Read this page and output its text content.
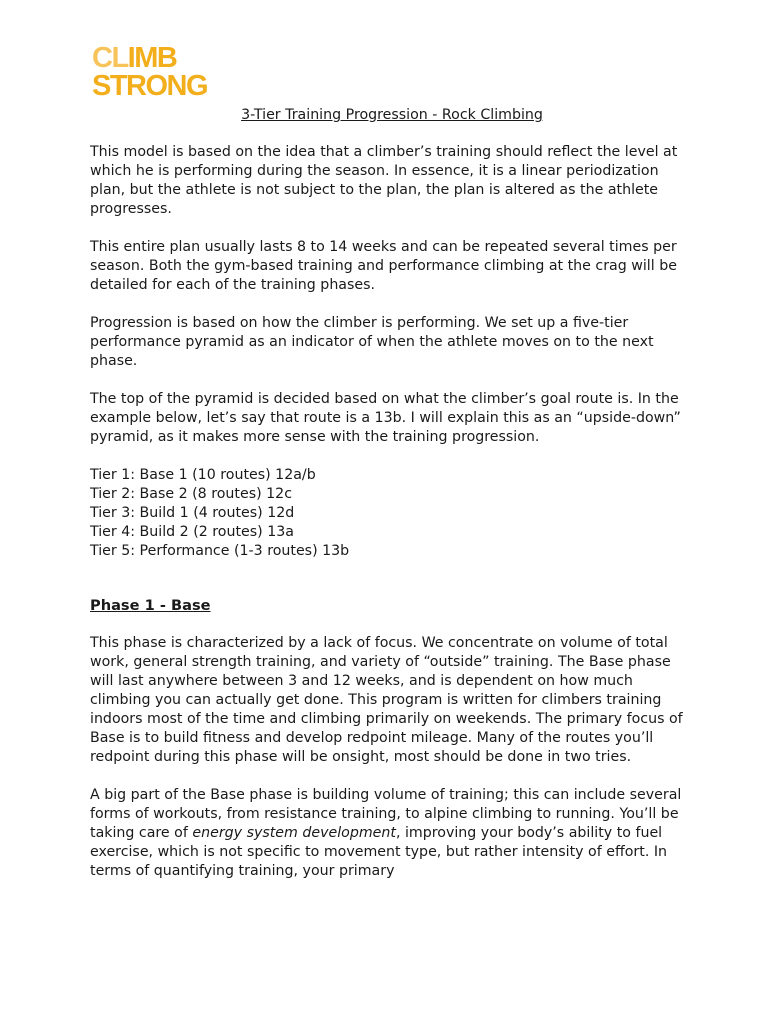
CLIMB
STRONG
3-Tier Training Progression - Rock Climbing

This model is based on the idea that a climber’s training should reflect the level at which he is performing during the season. In essence, it is a linear periodization plan, but the athlete is not subject to the plan, the plan is altered as the athlete progresses.

This entire plan usually lasts 8 to 14 weeks and can be repeated several times per season. Both the gym-based training and performance climbing at the crag will be detailed for each of the training phases.

Progression is based on how the climber is performing. We set up a five-tier performance pyramid as an indicator of when the athlete moves on to the next phase.

The top of the pyramid is decided based on what the climber’s goal route is. In the example below, let’s say that route is a 13b. I will explain this as an “upside-down” pyramid, as it makes more sense with the training progression.

Tier 1: Base 1 (10 routes) 12a/b
Tier 2: Base 2 (8 routes) 12c
Tier 3: Build 1 (4 routes) 12d
Tier 4: Build 2 (2 routes) 13a
Tier 5: Performance (1-3 routes) 13b
Phase 1 - Base

This phase is characterized by a lack of focus. We concentrate on volume of total work, general strength training, and variety of “outside” training. The Base phase will last anywhere between 3 and 12 weeks, and is dependent on how much climbing you can actually get done. This program is written for climbers training indoors most of the time and climbing primarily on weekends. The primary focus of Base is to build fitness and develop redpoint mileage. Many of the routes you’ll redpoint during this phase will be onsight, most should be done in two tries.

A big part of the Base phase is building volume of training; this can include several forms of workouts, from resistance training, to alpine climbing to running. You’ll be taking care of energy system development, improving your body’s ability to fuel exercise, which is not specific to movement type, but rather intensity of effort. In terms of quantifying training, your primary
